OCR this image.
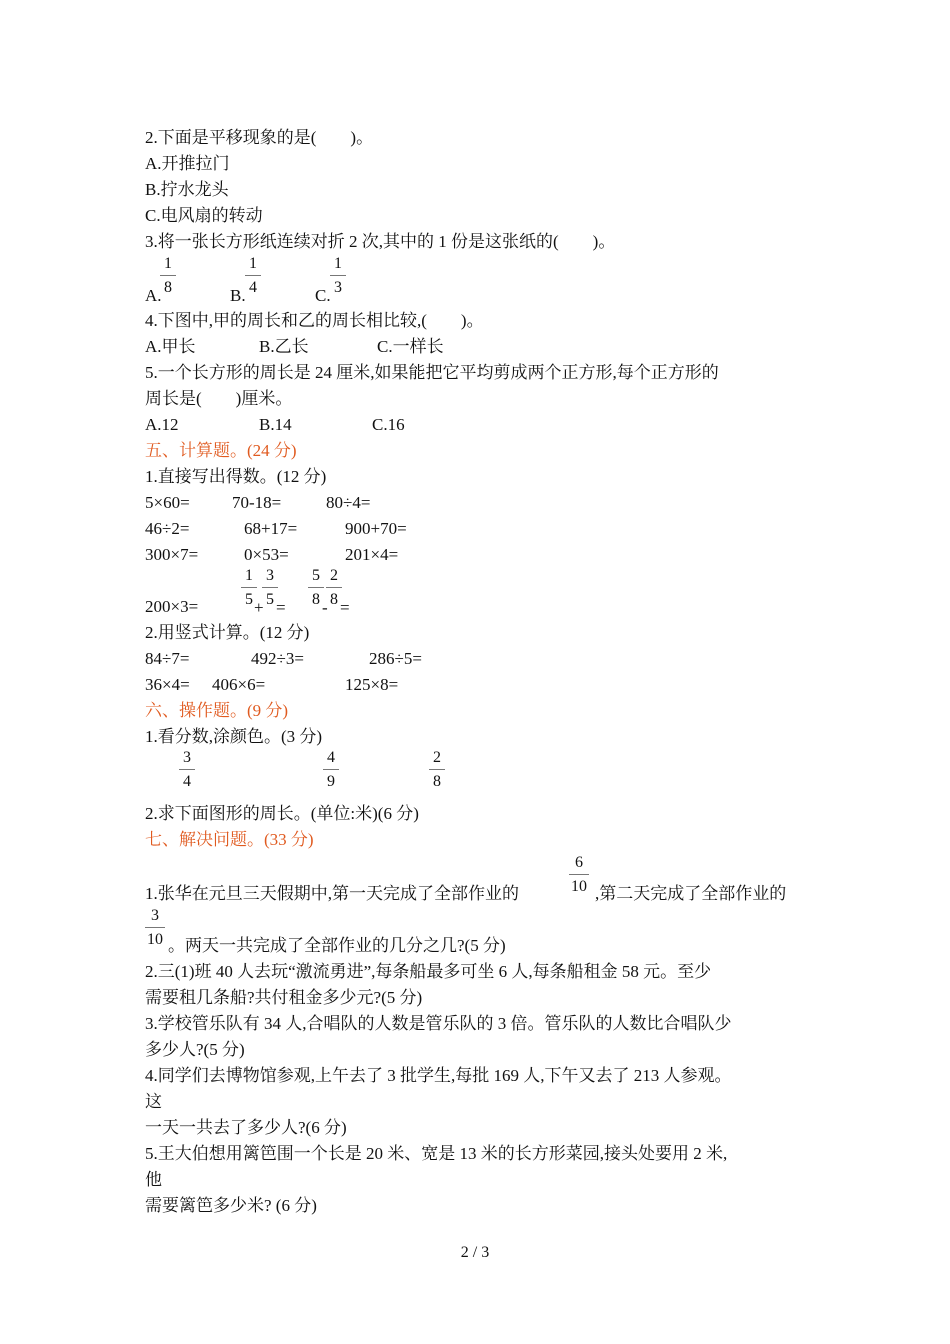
2.下面是平移现象的是(　　)。
A.开推拉门
B.拧水龙头
C.电风扇的转动
3.将一张长方形纸连续对折 2 次,其中的 1 份是这张纸的(　　)。
A.
1
8	B.
1
4	C.
1
3
4.下图中,甲的周长和乙的周长相比较,(　　)。
A.甲长	B.乙长	C.一样长
5.一个长方形的周长是 24 厘米,如果能把它平均剪成两个正方形,每个正方形的
周长是(　　)厘米。
A.12	B.14	C.16
五、计算题。(24 分)
1.直接写出得数。(12 分)
5×60= 70-18=	80÷4=
46÷2=	68+17=	900+70=
300×7=	0×53=	201×4=
200×3=
1
5 +
3
5 =
5
8 -
2
8 =
2.用竖式计算。(12 分)
84÷7=	492÷3=	286÷5=
36×4= 406×6=	125×8=
六、操作题。(9 分)
1.看分数,涂颜色。(3 分)
3
4
4
9
2
8
2.求下面图形的周长。(单位:米)(6 分)
七、解决问题。(33 分)
1.张华在元旦三天假期中,第一天完成了全部作业的
6
10 ,第二天完成了全部作业的
3
10 。两天一共完成了全部作业的几分之几?(5 分)
2.三(1)班 40 人去玩“激流勇进”,每条船最多可坐 6 人,每条船租金 58 元。至少
需要租几条船?共付租金多少元?(5 分)
3.学校管乐队有 34 人,合唱队的人数是管乐队的 3 倍。管乐队的人数比合唱队少
多少人?(5 分)
4.同学们去博物馆参观,上午去了 3 批学生,每批 169 人,下午又去了 213 人参观。
这
一天一共去了多少人?(6 分)
5.王大伯想用篱笆围一个长是 20 米、宽是 13 米的长方形菜园,接头处要用 2 米,
他
需要篱笆多少米? (6 分)
2 / 3
